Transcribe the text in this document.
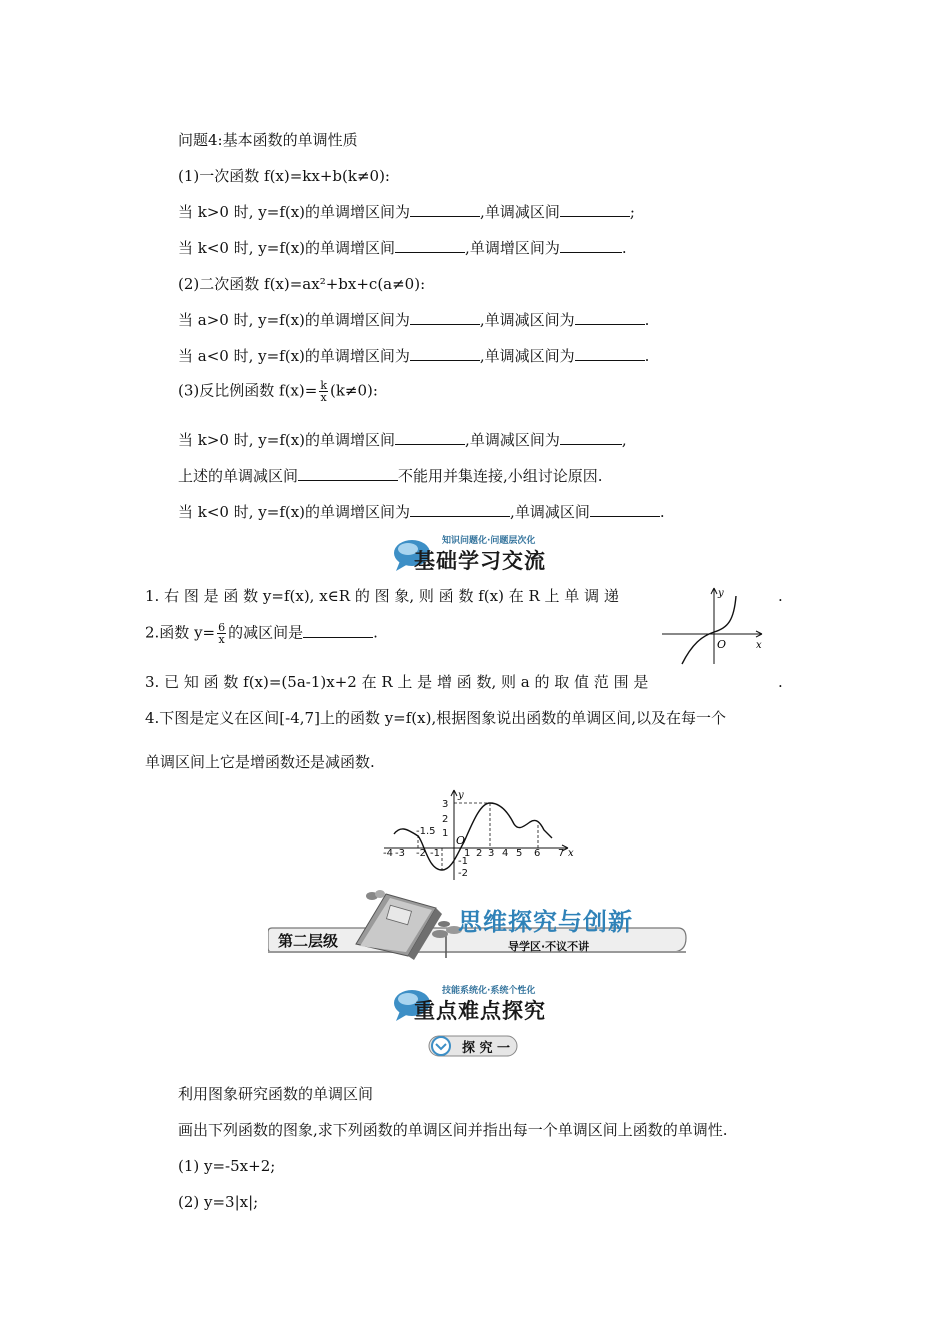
问题4:基本函数的单调性质
(1)一次函数 f(x)=kx+b(k≠0):
当 k>0 时, y=f(x)的单调增区间为	,单调减区间	;
当 k<0 时, y=f(x)的单调增区间	,单调增区间为	.
(2)二次函数 f(x)=ax²+bx+c(a≠0):
当 a>0 时, y=f(x)的单调增区间为	,单调减区间为	.
当 a<0 时, y=f(x)的单调增区间为	,单调减区间为	.
(3)反比例函数 $f(x)= \frac{k}{x} (k\ne 0)$:
当 k>0 时, y=f(x)的单调增区间	,单调减区间为	,
上述的单调减区间	不能用并集连接,小组讨论原因.
当 k<0 时, y=f(x)的单调增区间为	,单调减区间	.
知识问题化·问题层次化
基础学习交流
1. 右 图 是 函 数 y=f(x), x∈R 的 图 象, 则 函 数 f(x) 在 R 上 单 调 递	.
2.函数 $y= \frac{6}{x}$ 的减区间是	.
3. 已 知 函 数 f(x)=(5a-1)x+2 在 R 上 是 增 函 数, 则 a 的 取 值 范 围 是	.
4.下图是定义在区间[-4,7]上的函数 y=f(x),根据图象说出函数的单调区间,以及在每一个
单调区间上它是增函数还是减函数.
y
x
O
-4 -3 -2 -1 1 2 3 4 5 6 7
3
2
1
-1
-2
-1.5
y
x
O
第二层级
思维探究与创新
导学区·不议不讲
技能系统化·系统个性化
重点难点探究
探 究 一
利用图象研究函数的单调区间
画出下列函数的图象,求下列函数的单调区间并指出每一个单调区间上函数的单调性.
(1) y=-5x+2;
(2) y=3|x|;
